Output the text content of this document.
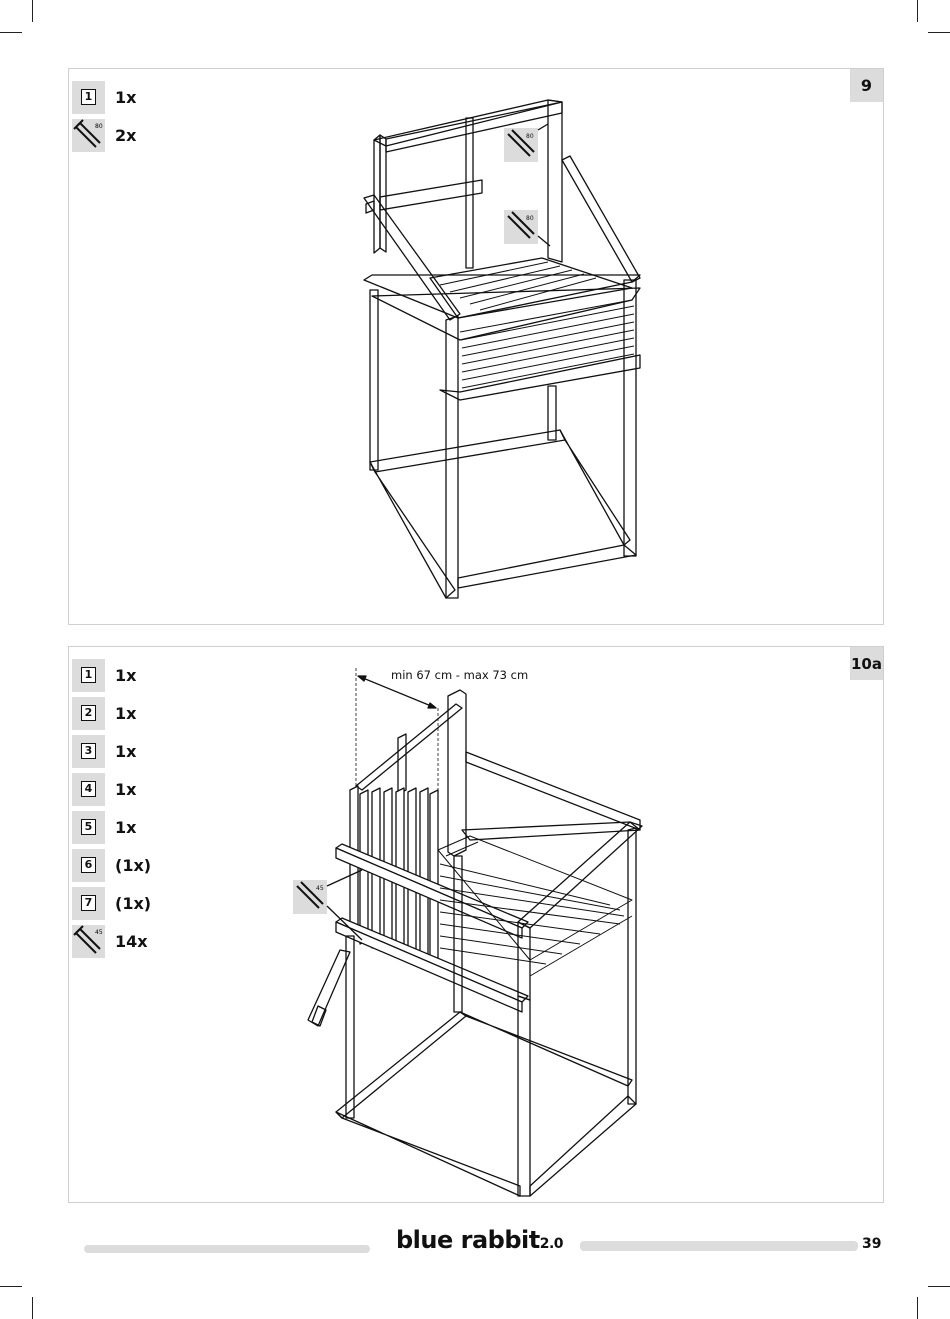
9
1 1x
80 2x	80
80
10a
1 1x
2 1x
3 1x
4 1x
5 1x
6 (1x)
7 (1x)
45 14x
min 67 cm - max 73 cm
45
blue rabbit2.0	39
